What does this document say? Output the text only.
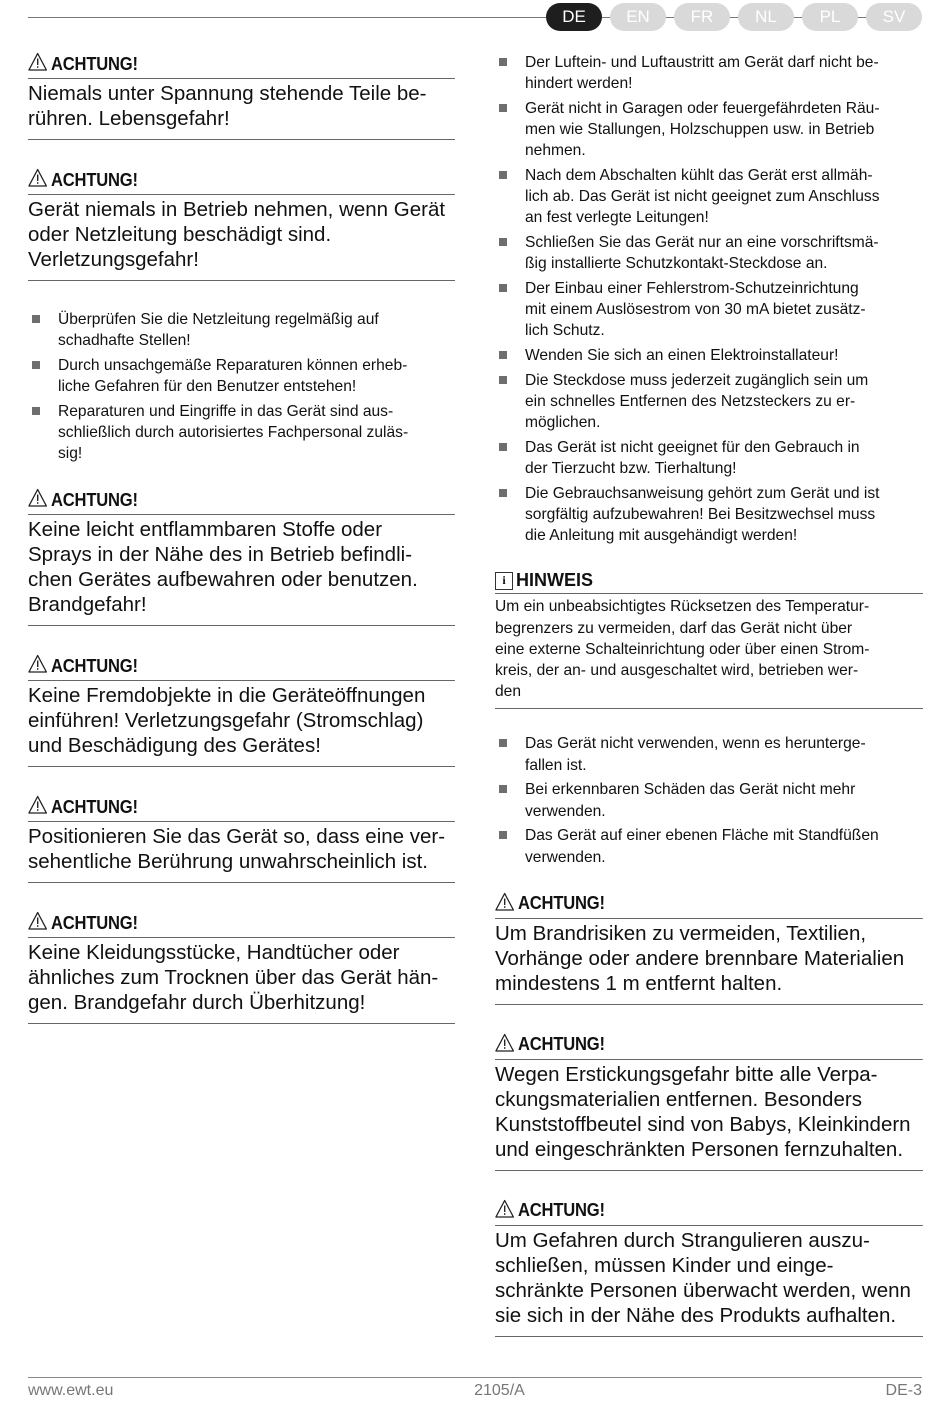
DE	EN	FR	NL	PL	SV
ACHTUNG!
Niemals unter Spannung stehende Teile be-
rühren. Lebensgefahr!
ACHTUNG!
Gerät niemals in Betrieb nehmen, wenn Gerät
oder Netzleitung beschädigt sind.
Verletzungsgefahr!
Überprüfen Sie die Netzleitung regelmäßig auf
schadhafte Stellen!
Durch unsachgemäße Reparaturen können erheb-
liche Gefahren für den Benutzer entstehen!
Reparaturen und Eingriffe in das Gerät sind aus-
schließlich durch autorisiertes Fachpersonal zuläs-
sig!
ACHTUNG!
Keine leicht entflammbaren Stoffe oder
Sprays in der Nähe des in Betrieb befindli-
chen Gerätes aufbewahren oder benutzen.
Brandgefahr!
ACHTUNG!
Keine Fremdobjekte in die Geräteöffnungen
einführen! Verletzungsgefahr (Stromschlag)
und Beschädigung des Gerätes!
ACHTUNG!
Positionieren Sie das Gerät so, dass eine ver-
sehentliche Berührung unwahrscheinlich ist.
ACHTUNG!
Keine Kleidungsstücke, Handtücher oder
ähnliches zum Trocknen über das Gerät hän-
gen. Brandgefahr durch Überhitzung!
Der Luftein- und Luftaustritt am Gerät darf nicht be-
hindert werden!
Gerät nicht in Garagen oder feuergefährdeten Räu-
men wie Stallungen, Holzschuppen usw. in Betrieb
nehmen.
Nach dem Abschalten kühlt das Gerät erst allmäh-
lich ab. Das Gerät ist nicht geeignet zum Anschluss
an fest verlegte Leitungen!
Schließen Sie das Gerät nur an eine vorschriftsmä-
ßig installierte Schutzkontakt-Steckdose an.
Der Einbau einer Fehlerstrom-Schutzeinrichtung
mit einem Auslösestrom von 30 mA bietet zusätz-
lich Schutz.
Wenden Sie sich an einen Elektroinstallateur!
Die Steckdose muss jederzeit zugänglich sein um
ein schnelles Entfernen des Netzsteckers zu er-
möglichen.
Das Gerät ist nicht geeignet für den Gebrauch in
der Tierzucht bzw. Tierhaltung!
Die Gebrauchsanweisung gehört zum Gerät und ist
sorgfältig aufzubewahren! Bei Besitzwechsel muss
die Anleitung mit ausgehändigt werden!
i HINWEIS
Um ein unbeabsichtigtes Rücksetzen des Temperatur-
begrenzers zu vermeiden, darf das Gerät nicht über
eine externe Schalteinrichtung oder über einen Strom-
kreis, der an- und ausgeschaltet wird, betrieben wer-
den
Das Gerät nicht verwenden, wenn es herunterge-
fallen ist.
Bei erkennbaren Schäden das Gerät nicht mehr
verwenden.
Das Gerät auf einer ebenen Fläche mit Standfüßen
verwenden.
ACHTUNG!
Um Brandrisiken zu vermeiden, Textilien,
Vorhänge oder andere brennbare Materialien
mindestens 1 m entfernt halten.
ACHTUNG!
Wegen Erstickungsgefahr bitte alle Verpa-
ckungsmaterialien entfernen. Besonders
Kunststoffbeutel sind von Babys, Kleinkindern
und eingeschränkten Personen fernzuhalten.
ACHTUNG!
Um Gefahren durch Strangulieren auszu-
schließen, müssen Kinder und einge-
schränkte Personen überwacht werden, wenn
sie sich in der Nähe des Produkts aufhalten.
www.ewt.eu	2105/A	DE-3
